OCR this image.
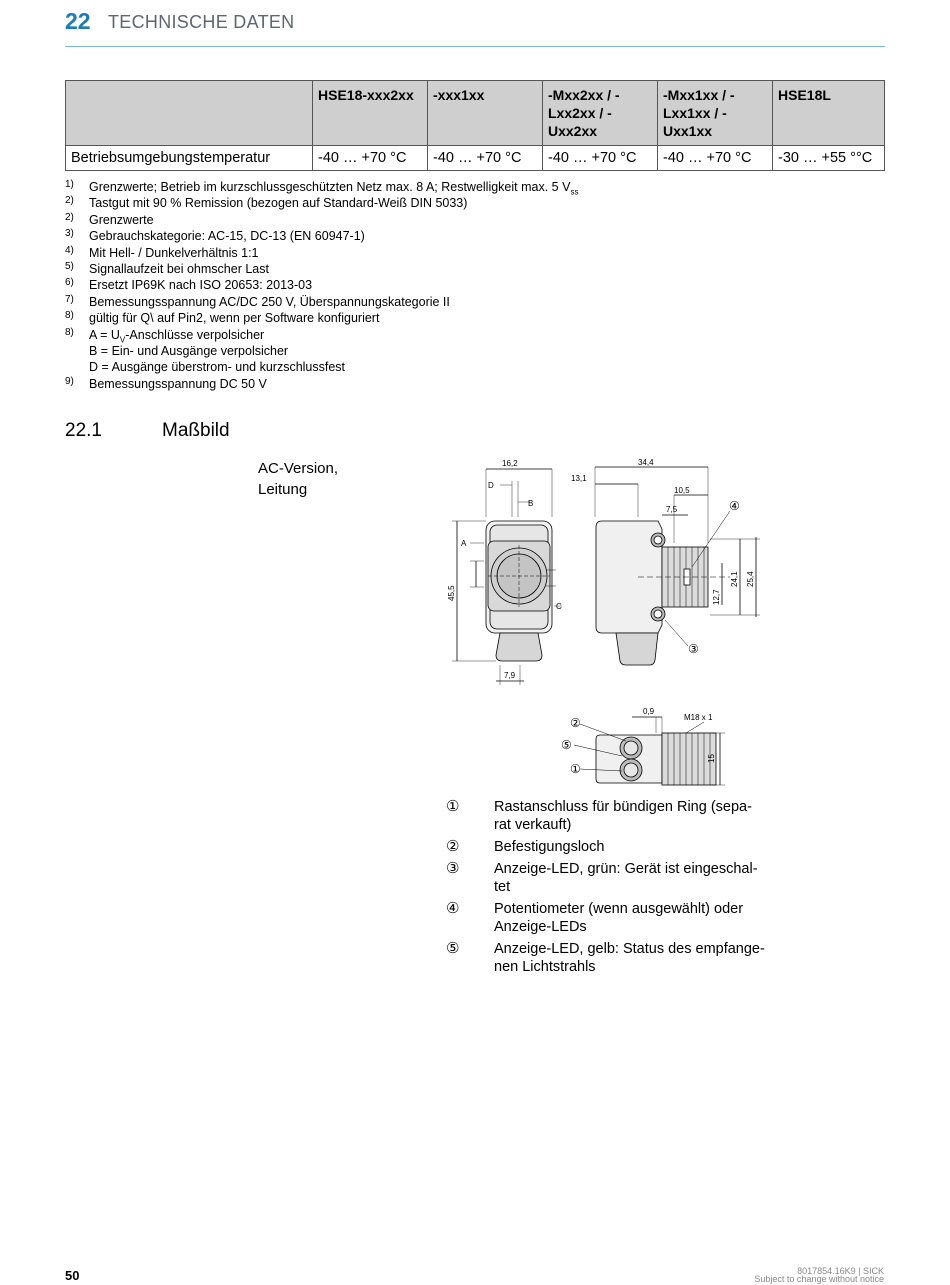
22 TECHNISCHE DATEN
	HSE18-xxx2xx	-xxx1xx	-Mxx2xx / -Lxx2xx / -Uxx2xx	-Mxx1xx / -Lxx1xx / -Uxx1xx	HSE18L
Betriebsumgebungstemperatur	-40 … +70 °C	-40 … +70 °C	-40 … +70 °C	-40 … +70 °C	-30 … +55 °°C
1) Grenzwerte; Betrieb im kurzschlussgeschützten Netz max. 8 A; Restwelligkeit max. 5 $V_{ss}$
2) Tastgut mit 90 % Remission (bezogen auf Standard-Weiß DIN 5033)
2) Grenzwerte
3) Gebrauchskategorie: AC-15, DC-13 (EN 60947-1)
4) Mit Hell- / Dunkelverhältnis 1:1
5) Signallaufzeit bei ohmscher Last
6) Ersetzt IP69K nach ISO 20653: 2013-03
7) Bemessungsspannung AC/DC 250 V, Überspannungskategorie II
8) gültig für Q\ auf Pin2, wenn per Software konfiguriert
8) $A = U_V$-Anschlüsse verpolsicher
B = Ein- und Ausgänge verpolsicher
D = Ausgänge überstrom- und kurzschlussfest
9) Bemessungsspannung DC 50 V
22.1	Maßbild
AC-Version,
Leitung
16,2
D
B
A
C
45,5
7,9
34,4
13,1
10,5
7,5
12,7
24,1 25,4
0,9
M18 x 1
15
④
③
②
⑤
①
① Rastanschluss für bündigen Ring (sepa-rat verkauft)
② Befestigungsloch
③ Anzeige-LED, grün: Gerät ist eingeschal-tet
④ Potentiometer (wenn ausgewählt) oder Anzeige-LEDs
⑤ Anzeige-LED, gelb: Status des empfange-nen Lichtstrahls
50	8017854.16K9 | SICK
Subject to change without notice
